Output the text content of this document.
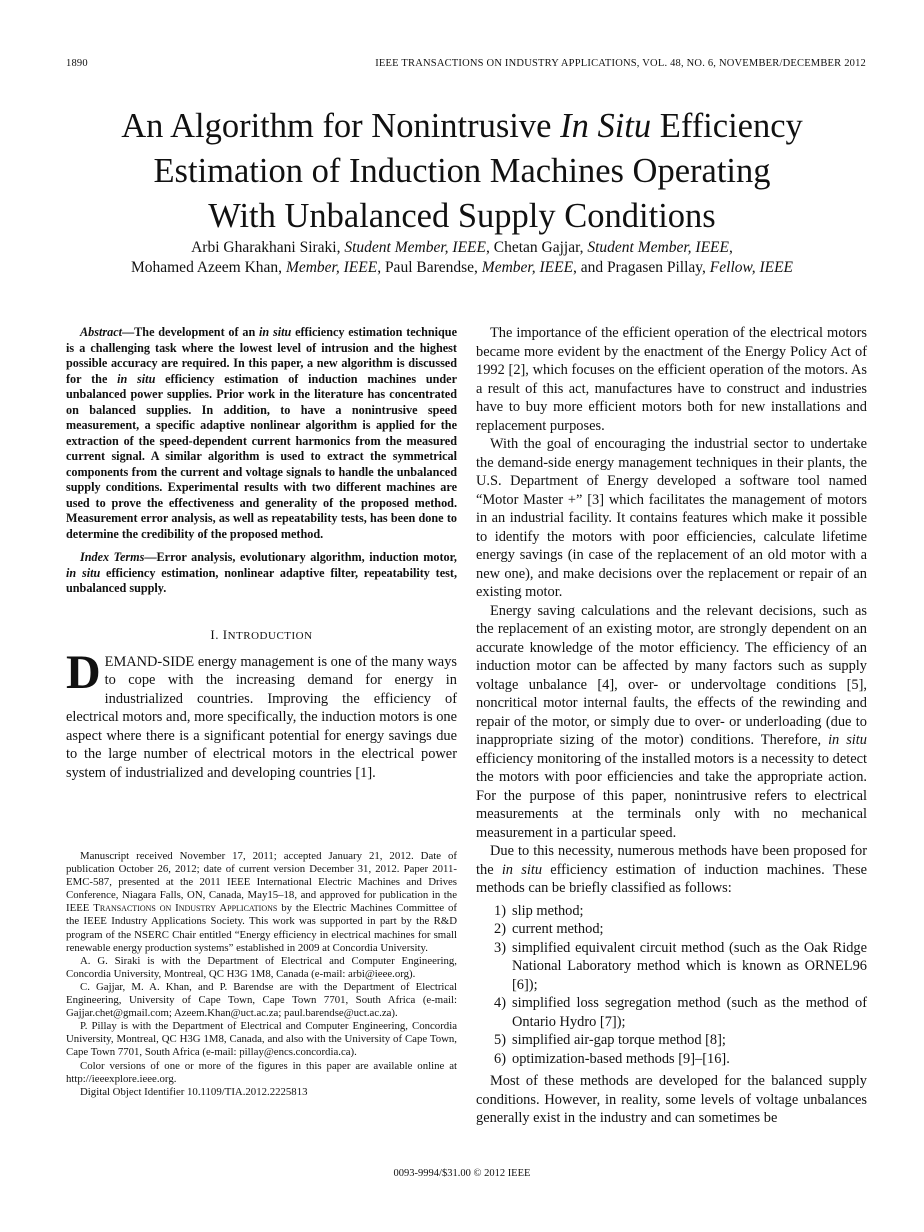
1890	IEEE TRANSACTIONS ON INDUSTRY APPLICATIONS, VOL. 48, NO. 6, NOVEMBER/DECEMBER 2012
An Algorithm for Nonintrusive In Situ Efficiency
Estimation of Induction Machines Operating
With Unbalanced Supply Conditions
Arbi Gharakhani Siraki, Student Member, IEEE, Chetan Gajjar, Student Member, IEEE,
Mohamed Azeem Khan, Member, IEEE, Paul Barendse, Member, IEEE, and Pragasen Pillay, Fellow, IEEE

Abstract—The development of an in situ efficiency estimation technique is a challenging task where the lowest level of intrusion and the highest possible accuracy are required. In this paper, a new algorithm is discussed for the in situ efficiency estimation of induction machines under unbalanced power supplies. Prior work in the literature has concentrated on balanced supplies. In addition, to have a nonintrusive speed measurement, a specific adaptive nonlinear algorithm is applied for the extraction of the speed-dependent current harmonics from the measured current signal. A similar algorithm is used to extract the symmetrical components from the current and voltage signals to handle the unbalanced supply conditions. Experimental results with two different machines are used to prove the effectiveness and generality of the proposed method. Measurement error analysis, as well as repeatability tests, has been done to determine the credibility of the proposed method.

Index Terms—Error analysis, evolutionary algorithm, induction motor, in situ efficiency estimation, nonlinear adaptive filter, repeatability test, unbalanced supply.

I. INTRODUCTION

DEMAND-SIDE energy management is one of the many ways to cope with the increasing demand for energy in industrialized countries. Improving the efficiency of electrical motors and, more specifically, the induction motors is one aspect where there is a significant potential for energy savings due to the large number of electrical motors in the electrical power system of industrialized and developing countries [1].

Manuscript received November 17, 2011; accepted January 21, 2012. Date of publication October 26, 2012; date of current version December 31, 2012. Paper 2011-EMC-587, presented at the 2011 IEEE International Electric Machines and Drives Conference, Niagara Falls, ON, Canada, May15–18, and approved for publication in the IEEE Transactions on Industry Applications by the Electric Machines Committee of the IEEE Industry Applications Society. This work was supported in part by the R&D program of the NSERC Chair entitled “Energy efficiency in electrical machines for small renewable energy production systems” established in 2009 at Concordia University.

A. G. Siraki is with the Department of Electrical and Computer Engineering, Concordia University, Montreal, QC H3G 1M8, Canada (e-mail: arbi@ieee.org).

C. Gajjar, M. A. Khan, and P. Barendse are with the Department of Electrical Engineering, University of Cape Town, Cape Town 7701, South Africa (e-mail: Gajjar.chet@gmail.com; Azeem.Khan@uct.ac.za; paul.barendse@uct.ac.za).

P. Pillay is with the Department of Electrical and Computer Engineering, Concordia University, Montreal, QC H3G 1M8, Canada, and also with the University of Cape Town, Cape Town 7701, South Africa (e-mail: pillay@encs.concordia.ca).

Color versions of one or more of the figures in this paper are available online at http://ieeexplore.ieee.org.

Digital Object Identifier 10.1109/TIA.2012.2225813

The importance of the efficient operation of the electrical motors became more evident by the enactment of the Energy Policy Act of 1992 [2], which focuses on the efficient operation of the motors. As a result of this act, manufactures have to construct and industries have to buy more efficient motors both for new installations and replacement purposes.

With the goal of encouraging the industrial sector to undertake the demand-side energy management techniques in their plants, the U.S. Department of Energy developed a software tool named “Motor Master +” [3] which facilitates the management of motors in an industrial facility. It contains features which make it possible to identify the motors with poor efficiencies, calculate lifetime energy savings (in case of the replacement of an old motor with a new one), and make decisions over the replacement or repair of an existing motor.

Energy saving calculations and the relevant decisions, such as the replacement of an existing motor, are strongly dependent on an accurate knowledge of the motor efficiency. The efficiency of an induction motor can be affected by many factors such as supply voltage unbalance [4], over- or undervoltage conditions [5], noncritical motor internal faults, the effects of the rewinding and repair of the motor, or simply due to over- or underloading (due to inappropriate sizing of the motor) conditions. Therefore, in situ efficiency monitoring of the installed motors is a necessity to detect the motors with poor efficiencies and take the appropriate action. For the purpose of this paper, nonintrusive refers to electrical measurements at the terminals only with no mechanical measurement in a particular speed.

Due to this necessity, numerous methods have been proposed for the in situ efficiency estimation of induction machines. These methods can be briefly classified as follows:

1) slip method;
2) current method;
3) simplified equivalent circuit method (such as the Oak Ridge National Laboratory method which is known as ORNEL96 [6]);
4) simplified loss segregation method (such as the method of Ontario Hydro [7]);
5) simplified air-gap torque method [8];
6) optimization-based methods [9]–[16].

Most of these methods are developed for the balanced supply conditions. However, in reality, some levels of voltage unbalances generally exist in the industry and can sometimes be

0093-9994/$31.00 © 2012 IEEE
